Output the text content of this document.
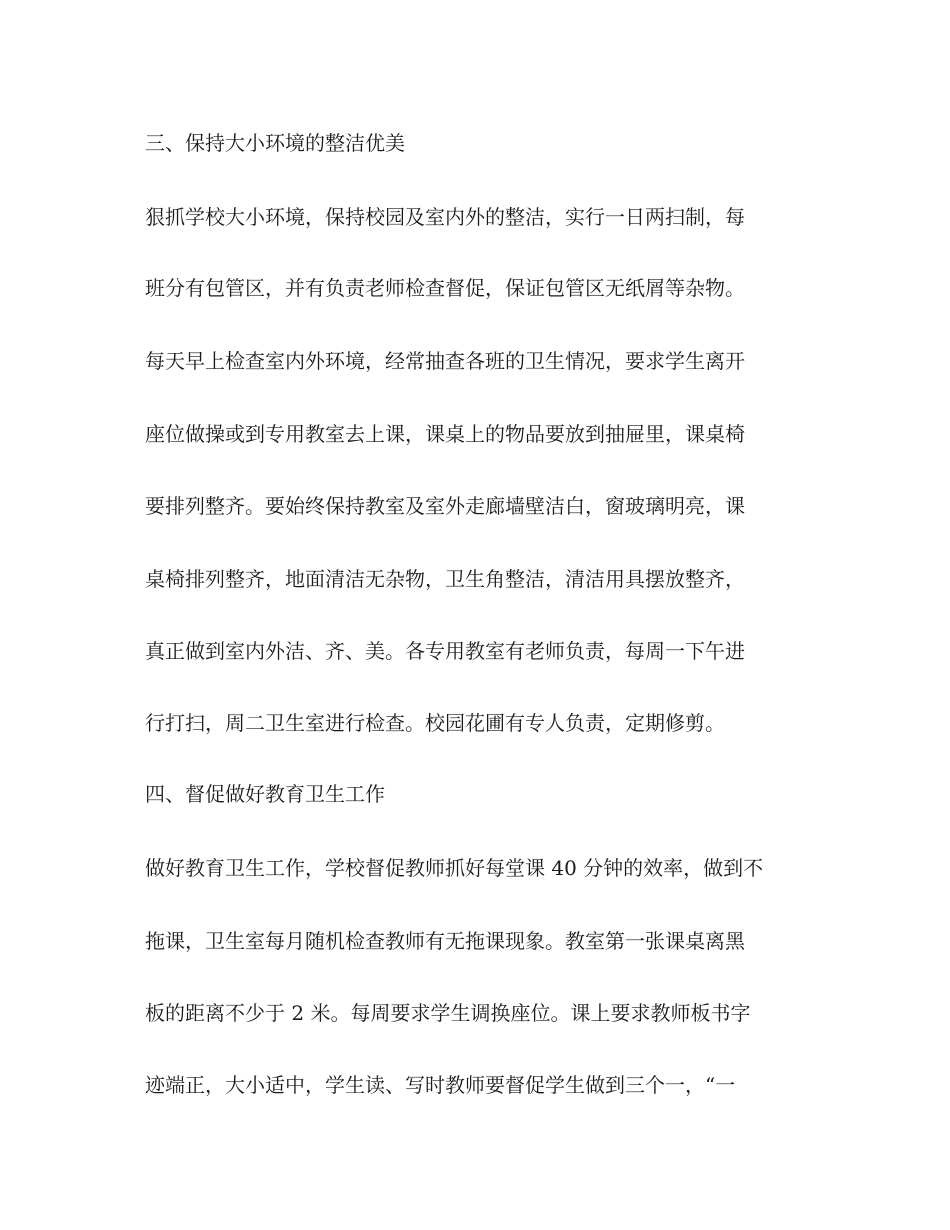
三、保持大小环境的整洁优美

狠抓学校大小环境，保持校园及室内外的整洁，实行一日两扫制，每

班分有包管区，并有负责老师检查督促，保证包管区无纸屑等杂物。

每天早上检查室内外环境，经常抽查各班的卫生情况，要求学生离开

座位做操或到专用教室去上课，课桌上的物品要放到抽屉里，课桌椅

要排列整齐。要始终保持教室及室外走廊墙壁洁白，窗玻璃明亮，课

桌椅排列整齐，地面清洁无杂物，卫生角整洁，清洁用具摆放整齐，

真正做到室内外洁、齐、美。各专用教室有老师负责，每周一下午进

行打扫，周二卫生室进行检查。校园花圃有专人负责，定期修剪。

四、督促做好教育卫生工作

做好教育卫生工作，学校督促教师抓好每堂课 40 分钟的效率，做到不

拖课，卫生室每月随机检查教师有无拖课现象。教室第一张课桌离黑

板的距离不少于 2 米。每周要求学生调换座位。课上要求教师板书字

迹端正，大小适中，学生读、写时教师要督促学生做到三个一，“一
